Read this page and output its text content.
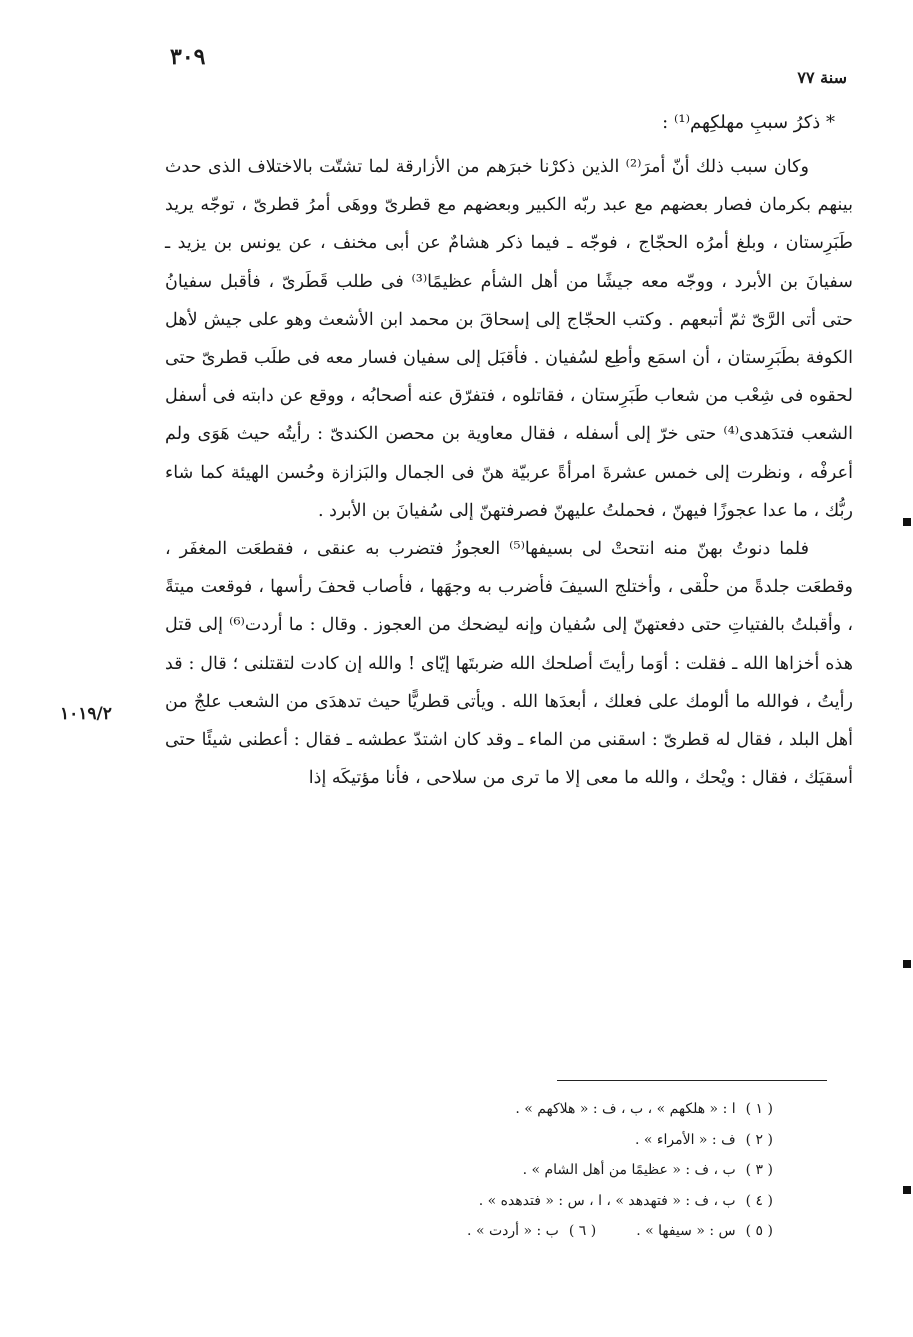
٣٠٩
سنة ٧٧
* ذكرُ سببِ مهلكِهم⁽¹⁾ :

وكان سبب ذلك أنّ أمرَ⁽²⁾ الذين ذكرْنا خبرَهم من الأزارقة لما تشتّت بالاختلاف الذى حدث بينهم بكرمان فصار بعضهم مع عبد ربّه الكبير وبعضهم مع قطرىّ ووهَى أمرُ قطرىّ ، توجّه يريد طَبَرِستان ، وبلغ أمرُه الحجّاج ، فوجّه ـ فيما ذكر هشامٌ عن أبى مخنف ، عن يونس بن يزيد ـ سفيانَ بن الأبرد ، ووجّه معه جيشًا من أهل الشأم عظيمًا⁽³⁾ فى طلب قَطَرىّ ، فأقبل سفيانُ حتى أتى الرَّىّ ثمّ أتبعهم . وكتب الحجّاج إلى إسحاقَ بن محمد ابن الأشعث وهو على جيش لأهل الكوفة بطَبَرِستان ، أن اسمَع وأطِع لسُفيان . فأقبَل إلى سفيان فسار معه فى طلَب قطرىّ حتى لحقوه فى شِعْب من شعاب طَبَرِستان ، فقاتلوه ، فتفرّق عنه أصحابُه ، ووقع عن دابته فى أسفل الشعب فتدَهدى⁽⁴⁾ حتى خرّ إلى أسفله ، فقال معاوية بن محصن الكندىّ : رأيتُه حيث هَوَى ولم أعرفْه ، ونظرت إلى خمس عشرةَ امرأةً عربيّة هنّ فى الجمال والبَزازة وحُسن الهيئة كما شاء ربُّك ، ما عدا عجوزًا فيهنّ ، فحملتُ عليهنّ فصرفتهنّ إلى سُفيانَ بن الأبرد .

فلما دنوتُ بهنّ منه انتحتْ لى بسيفها⁽⁵⁾ العجوزُ فتضرب به عنقى ، فقطعَت المغفَر ، وقطعَت جلدةً من حلْقى ، وأختلج السيفَ فأضرب به وجهَها ، فأصاب قحفَ رأسها ، فوقعت ميتةً ، وأقبلتُ بالفتياتِ حتى دفعتهنّ إلى سُفيان وإنه ليضحك من العجوز . وقال : ما أردت⁽⁶⁾ إلى قتل هذه أخزاها الله ـ فقلت : أوَما رأيتَ أصلحك الله ضربتَها إيّاى ! والله إن كادت لتقتلنى ؛ قال : قد رأيتُ ، فوالله ما ألومك على فعلك ، أبعدَها الله . ويأتى قطريًّا حيث تدهدَى من الشعب علجٌ من أهل البلد ، فقال له قطرىّ : اسقنى من الماء ـ وقد كان اشتدّ عطشه ـ فقال : أعطنى شيئًا حتى أسقيَك ، فقال : ويْحك ، والله ما معى إلا ما ترى من سلاحى ، فأنا مؤتيكَه إذا

١٠١٩/٢
( ١ )ا : « هلكهم » ، ب ، ف : « هلاكهم » .
( ٢ )ف : « الأمراء » .
( ٣ )ب ، ف : « عظيمًا من أهل الشام » .
( ٤ )ب ، ف : « فتهدهد » ، ا ، س : « فتدهده » .
( ٥ )س : « سيفها » .( ٦ )ب : « أردت » .
